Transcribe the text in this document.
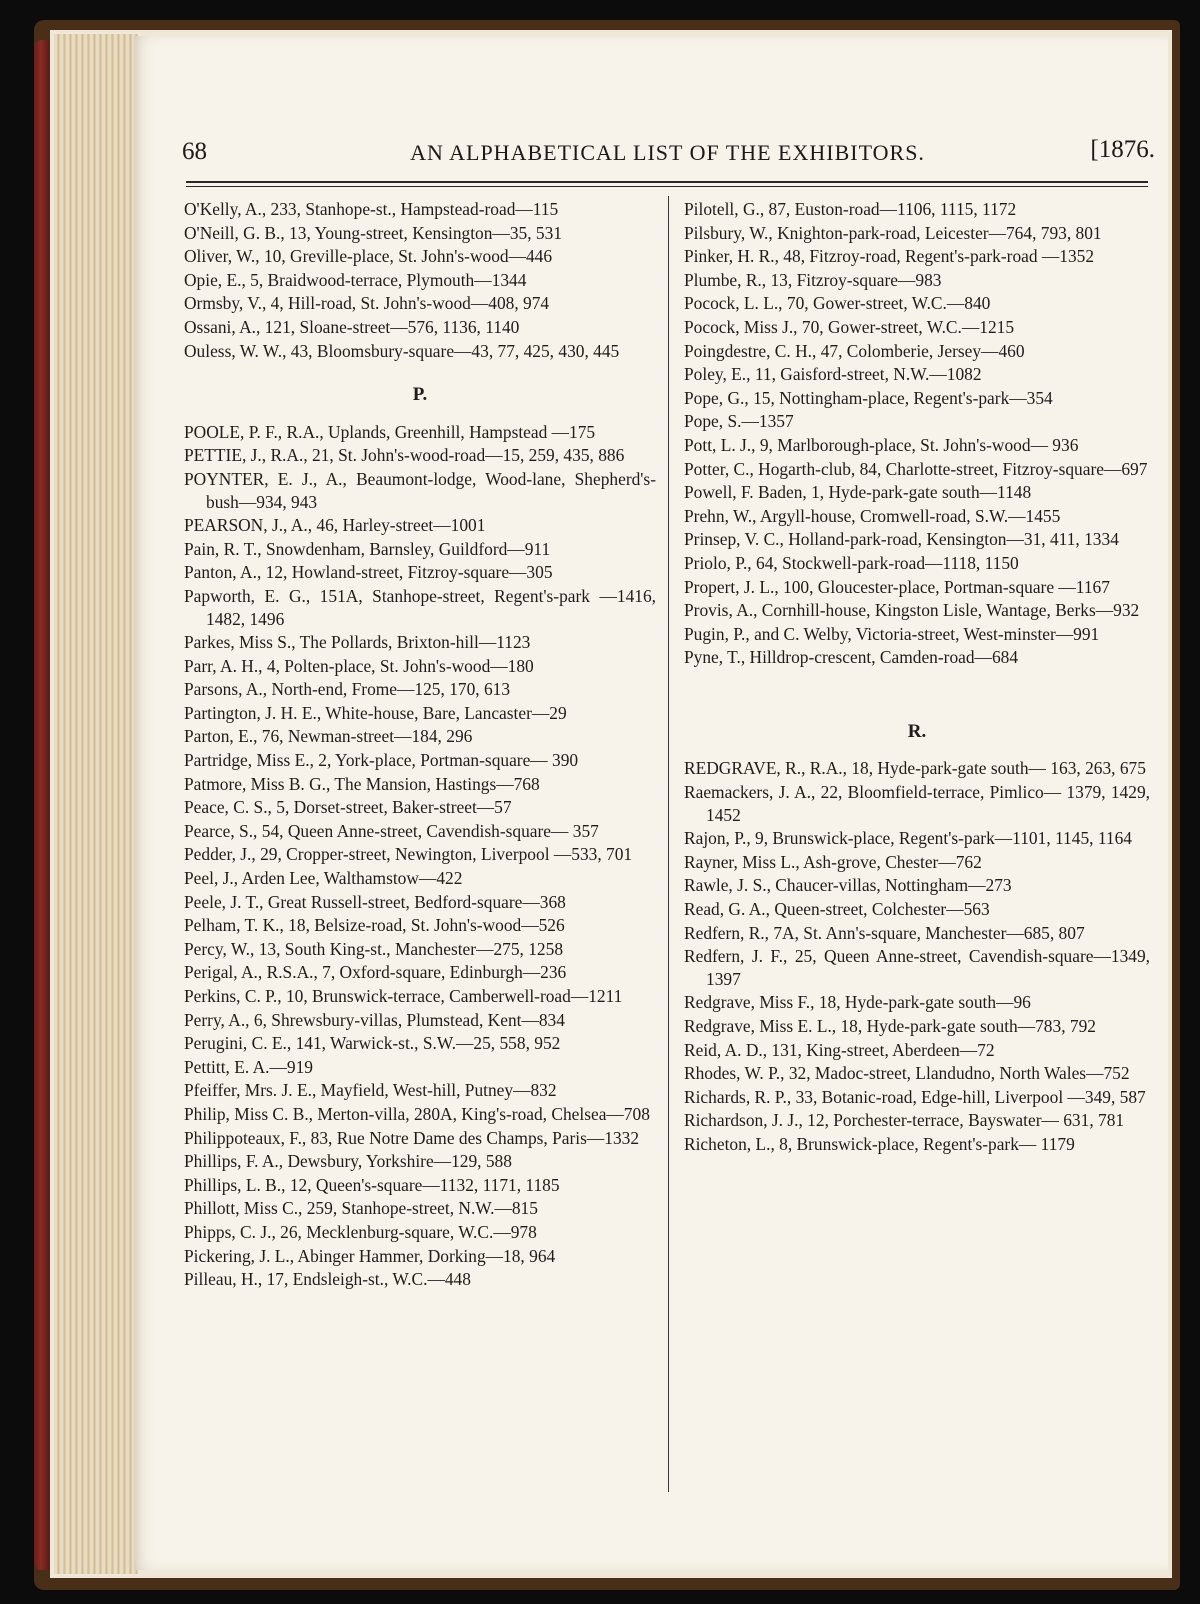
68	AN ALPHABETICAL LIST OF THE EXHIBITORS.	[1876.

O'Kelly, A., 233, Stanhope-st., Hampstead-road—115

O'Neill, G. B., 13, Young-street, Kensington—35, 531

Oliver, W., 10, Greville-place, St. John's-wood—446

Opie, E., 5, Braidwood-terrace, Plymouth—1344

Ormsby, V., 4, Hill-road, St. John's-wood—408, 974

Ossani, A., 121, Sloane-street—576, 1136, 1140

Ouless, W. W., 43, Bloomsbury-square—43, 77, 425, 430, 445

P.

POOLE, P. F., R.A., Uplands, Greenhill, Hampstead —175

PETTIE, J., R.A., 21, St. John's-wood-road—15, 259, 435, 886

POYNTER, E. J., A., Beaumont-lodge, Wood-lane, Shepherd's-bush—934, 943

PEARSON, J., A., 46, Harley-street—1001

Pain, R. T., Snowdenham, Barnsley, Guildford—911

Panton, A., 12, Howland-street, Fitzroy-square—305

Papworth, E. G., 151A, Stanhope-street, Regent's-park —1416, 1482, 1496

Parkes, Miss S., The Pollards, Brixton-hill—1123

Parr, A. H., 4, Polten-place, St. John's-wood—180

Parsons, A., North-end, Frome—125, 170, 613

Partington, J. H. E., White-house, Bare, Lancaster—29

Parton, E., 76, Newman-street—184, 296

Partridge, Miss E., 2, York-place, Portman-square— 390

Patmore, Miss B. G., The Mansion, Hastings—768

Peace, C. S., 5, Dorset-street, Baker-street—57

Pearce, S., 54, Queen Anne-street, Cavendish-square— 357

Pedder, J., 29, Cropper-street, Newington, Liverpool —533, 701

Peel, J., Arden Lee, Walthamstow—422

Peele, J. T., Great Russell-street, Bedford-square—368

Pelham, T. K., 18, Belsize-road, St. John's-wood—526

Percy, W., 13, South King-st., Manchester—275, 1258

Perigal, A., R.S.A., 7, Oxford-square, Edinburgh—236

Perkins, C. P., 10, Brunswick-terrace, Camberwell-road—1211

Perry, A., 6, Shrewsbury-villas, Plumstead, Kent—834

Perugini, C. E., 141, Warwick-st., S.W.—25, 558, 952

Pettitt, E. A.—919

Pfeiffer, Mrs. J. E., Mayfield, West-hill, Putney—832

Philip, Miss C. B., Merton-villa, 280A, King's-road, Chelsea—708

Philippoteaux, F., 83, Rue Notre Dame des Champs, Paris—1332

Phillips, F. A., Dewsbury, Yorkshire—129, 588

Phillips, L. B., 12, Queen's-square—1132, 1171, 1185

Phillott, Miss C., 259, Stanhope-street, N.W.—815

Phipps, C. J., 26, Mecklenburg-square, W.C.—978

Pickering, J. L., Abinger Hammer, Dorking—18, 964

Pilleau, H., 17, Endsleigh-st., W.C.—448

Pilotell, G., 87, Euston-road—1106, 1115, 1172

Pilsbury, W., Knighton-park-road, Leicester—764, 793, 801

Pinker, H. R., 48, Fitzroy-road, Regent's-park-road —1352

Plumbe, R., 13, Fitzroy-square—983

Pocock, L. L., 70, Gower-street, W.C.—840

Pocock, Miss J., 70, Gower-street, W.C.—1215

Poingdestre, C. H., 47, Colomberie, Jersey—460

Poley, E., 11, Gaisford-street, N.W.—1082

Pope, G., 15, Nottingham-place, Regent's-park—354

Pope, S.—1357

Pott, L. J., 9, Marlborough-place, St. John's-wood— 936

Potter, C., Hogarth-club, 84, Charlotte-street, Fitzroy-square—697

Powell, F. Baden, 1, Hyde-park-gate south—1148

Prehn, W., Argyll-house, Cromwell-road, S.W.—1455

Prinsep, V. C., Holland-park-road, Kensington—31, 411, 1334

Priolo, P., 64, Stockwell-park-road—1118, 1150

Propert, J. L., 100, Gloucester-place, Portman-square —1167

Provis, A., Cornhill-house, Kingston Lisle, Wantage, Berks—932

Pugin, P., and C. Welby, Victoria-street, West-minster—991

Pyne, T., Hilldrop-crescent, Camden-road—684

R.

REDGRAVE, R., R.A., 18, Hyde-park-gate south— 163, 263, 675

Raemackers, J. A., 22, Bloomfield-terrace, Pimlico— 1379, 1429, 1452

Rajon, P., 9, Brunswick-place, Regent's-park—1101, 1145, 1164

Rayner, Miss L., Ash-grove, Chester—762

Rawle, J. S., Chaucer-villas, Nottingham—273

Read, G. A., Queen-street, Colchester—563

Redfern, R., 7A, St. Ann's-square, Manchester—685, 807

Redfern, J. F., 25, Queen Anne-street, Cavendish-square—1349, 1397

Redgrave, Miss F., 18, Hyde-park-gate south—96

Redgrave, Miss E. L., 18, Hyde-park-gate south—783, 792

Reid, A. D., 131, King-street, Aberdeen—72

Rhodes, W. P., 32, Madoc-street, Llandudno, North Wales—752

Richards, R. P., 33, Botanic-road, Edge-hill, Liverpool —349, 587

Richardson, J. J., 12, Porchester-terrace, Bayswater— 631, 781

Richeton, L., 8, Brunswick-place, Regent's-park— 1179
